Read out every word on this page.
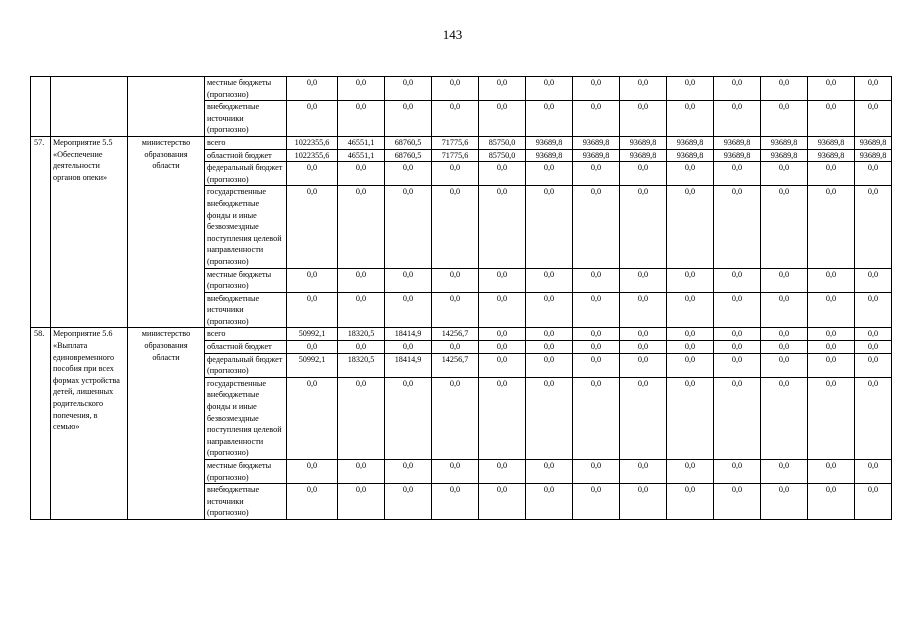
143
			местные бюджеты (прогнозно)	0,0	0,0	0,0	0,0	0,0	0,0	0,0	0,0	0,0	0,0	0,0	0,0	0,0
			внебюджетные источники (прогнозно)	0,0	0,0	0,0	0,0	0,0	0,0	0,0	0,0	0,0	0,0	0,0	0,0	0,0
57.	Мероприятие 5.5 «Обеспечение деятельности органов опеки»	министерство образования области	всего	1022355,6	46551,1	68760,5	71775,6	85750,0	93689,8	93689,8	93689,8	93689,8	93689,8	93689,8	93689,8	93689,8
			областной бюджет	1022355,6	46551,1	68760,5	71775,6	85750,0	93689,8	93689,8	93689,8	93689,8	93689,8	93689,8	93689,8	93689,8
			федеральный бюджет (прогнозно)	0,0	0,0	0,0	0,0	0,0	0,0	0,0	0,0	0,0	0,0	0,0	0,0	0,0
			государственные внебюджетные фонды и иные безвозмездные поступления целевой направленности (прогнозно)	0,0	0,0	0,0	0,0	0,0	0,0	0,0	0,0	0,0	0,0	0,0	0,0	0,0
			местные бюджеты (прогнозно)	0,0	0,0	0,0	0,0	0,0	0,0	0,0	0,0	0,0	0,0	0,0	0,0	0,0
			внебюджетные источники (прогнозно)	0,0	0,0	0,0	0,0	0,0	0,0	0,0	0,0	0,0	0,0	0,0	0,0	0,0
58.	Мероприятие 5.6 «Выплата единовременного пособия при всех формах устройства детей, лишенных родительского попечения, в семью»	министерство образования области	всего	50992,1	18320,5	18414,9	14256,7	0,0	0,0	0,0	0,0	0,0	0,0	0,0	0,0	0,0
			областной бюджет	0,0	0,0	0,0	0,0	0,0	0,0	0,0	0,0	0,0	0,0	0,0	0,0	0,0
			федеральный бюджет (прогнозно)	50992,1	18320,5	18414,9	14256,7	0,0	0,0	0,0	0,0	0,0	0,0	0,0	0,0	0,0
			государственные внебюджетные фонды и иные безвозмездные поступления целевой направленности (прогнозно)	0,0	0,0	0,0	0,0	0,0	0,0	0,0	0,0	0,0	0,0	0,0	0,0	0,0
			местные бюджеты (прогнозно)	0,0	0,0	0,0	0,0	0,0	0,0	0,0	0,0	0,0	0,0	0,0	0,0	0,0
			внебюджетные источники (прогнозно)	0,0	0,0	0,0	0,0	0,0	0,0	0,0	0,0	0,0	0,0	0,0	0,0	0,0
